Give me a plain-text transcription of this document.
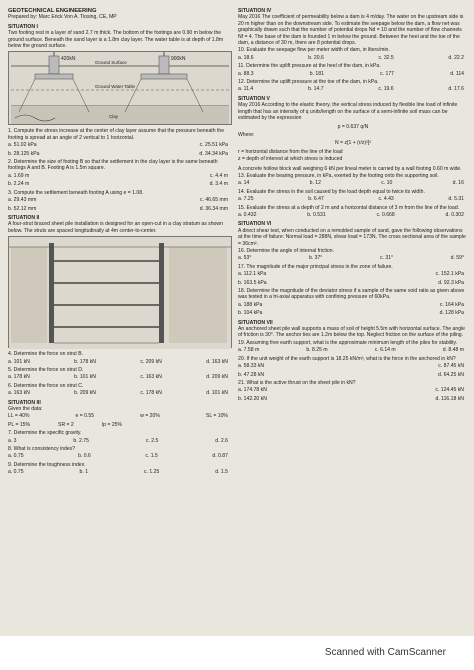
GEOTECHNICAL ENGINEERING
Prepared by: Marc Erick Von A. Tiosing, CE, MP
SITUATION I
Two footing rest in a layer of sand 2.7 m thick. The bottom of the footings are 0.90 m below the ground surface. Beneath the sand layer is a 1.8m clay layer. The water table is at depth of 1.8m below the ground surface.
420kN	900kN
Ground Surface
Ground Water Table
Clay
1. Compute the stress increase at the center of clay layer assume that the pressure beneath the footing is spread at an angle of 2 vertical to 1 horizontal.
a. 51.02 kPa	c. 25.51 kPa
b. 28.125 kPa	d. 34.34 kPa
2. Determine the size of footing B so that the settlement in the clay layer is the same beneath footings A and B. Footing A is 1.5m square.
a. 1.69 m	c. 4.4 m
b. 2.24 m	d. 3.4 m
3. Compute the settlement beneath footing A using e = 1.08.
a. 29.43 mm	c. 46.65 mm
b. 52.12 mm	d. 36.34 mm
SITUATION II
A four-strut braced sheet pile installation is designed for an open-cut in a clay stratum as shown below. The struts are spaced longitudinally at 4m center-to-center.
4. Determine the force on strut B.
a. 101 kN	b. 178 kN	c. 209 kN	d. 163 kN
5. Determine the force on strut D.
a. 178 kN	b. 101 kN	c. 163 kN	d. 209 kN
6. Determine the force on strut C.
a. 163 kN	b. 209 kN	c. 178 kN	d. 101 kN
SITUATION III
Given the data:
LL = 40%	e = 0.55	w = 20%	SL = 10%
PL = 15%	SR = 2	Ip = 25%
7. Determine the specific gravity.
a. 3	b. 2.75	c. 2.5	d. 2.6
8. What is consistency index?
a. 0.75	b. 0.6	c. 1.5	d. 0.87
9. Determine the toughness index.
a. 0.75	b. 1	c. 1.25	d. 1.5
SITUATION IV
May 2016 The coefficient of permeability below a dam is 4 m/day. The water on the upstream side is 20 m higher than on the downstream side. To estimate the seepage below the dam, a flow net was graphically drawn such that the number of potential drops Nd = 10 and the number of flow channels Nf = 4. The base of the dam is founded 1 m below the ground. Between the heel and the toe of the dam, a distance of 30 m, there are 8 potential drops.
10. Evaluate the seepage flow per meter width of dam, in liters/min.
a. 18.6	b. 20.6	c. 32.5	d. 22.2
11. Determine the uplift pressure at the heel of the dam, in kPa.
a. 88.3	b. 181	c. 177	d. 114
12. Determine the uplift pressure at the toe of the dam, in kPa.
a. 11.4	b. 14.7	c. 19.6	d. 17.6
SITUATION V
May 2016 According to the elastic theory, the vertical stress induced by flexible line load of infinite length that has an intensity of q units/length on the surface of a semi-infinite soil mass can be estimated by the expression
p = 0.637 q/N
Where:
N = z[1 + (r/z)²]²
r = horizontal distance from the line of the load
z = depth of interest at which stress is induced
A concrete hollow block wall weighing 6 kN per lineal meter is carried by a wall footing 0.60 m wide.
13. Evaluate the bearing pressure, in kPa, exerted by the footing onto the supporting soil.
a. 14	b. 12	c. 10	d. 16
14. Evaluate the stress in the soil caused by the load depth equal to twice its width.
a. 7.25	b. 6.47	c. 4.43	d. 5.31
15. Evaluate the stress at a depth of 2 m and a horizontal distance of 3 m from the line of the load.
a. 0.432	b. 0.531	c. 0.668	d. 0.302
SITUATION VI
A direct shear test, when conducted on a remolded sample of sand, gave the following observations at the time of failure: Normal load = 288N, shear load = 173N. The cross sectional area of the sample = 36cm².
16. Determine the angle of internal friction.
a. 53°	b. 37°	c. 31°	d. 59°
17. The magnitude of the major principal stress in the zone of failure.
a. 112.1 kPa	c. 152.1 kPa
b. 163.5 kPa	d. 92.3 kPa
18. Determine the magnitude of the deviator stress if a sample of the same void ratio as given above was tested in a tri-axial apparatus with confining pressure of 60kPa.
a. 188 kPa	c. 164 kPa
b. 104 kPa	d. 128 kPa
SITUATION VII
An anchored sheet pile wall supports a mass of soil of height 5.5m with horizontal surface. The angle of friction is 30°. The anchor ties are 1.2m below the top. Neglect friction on the surface of the piling.
19. Assuming free earth support, what is the approximate minimum length of the piles for stability.
a. 7.58 m	b. 8.25 m	c. 6.14 m	d. 8.48 m
20. If the unit weight of the earth support is 18.25 kN/m³, what is the force in the anchored in kN?
a. 58.33 kN	c. 87.45 kN
b. 47.28 kN	d. 64.25 kN
21. What is the active thrust on the sheet pile in kN?
a. 174.78 kN	c. 124.45 kN
b. 142.20 kN	d. 116.18 kN
Scanned with CamScanner
